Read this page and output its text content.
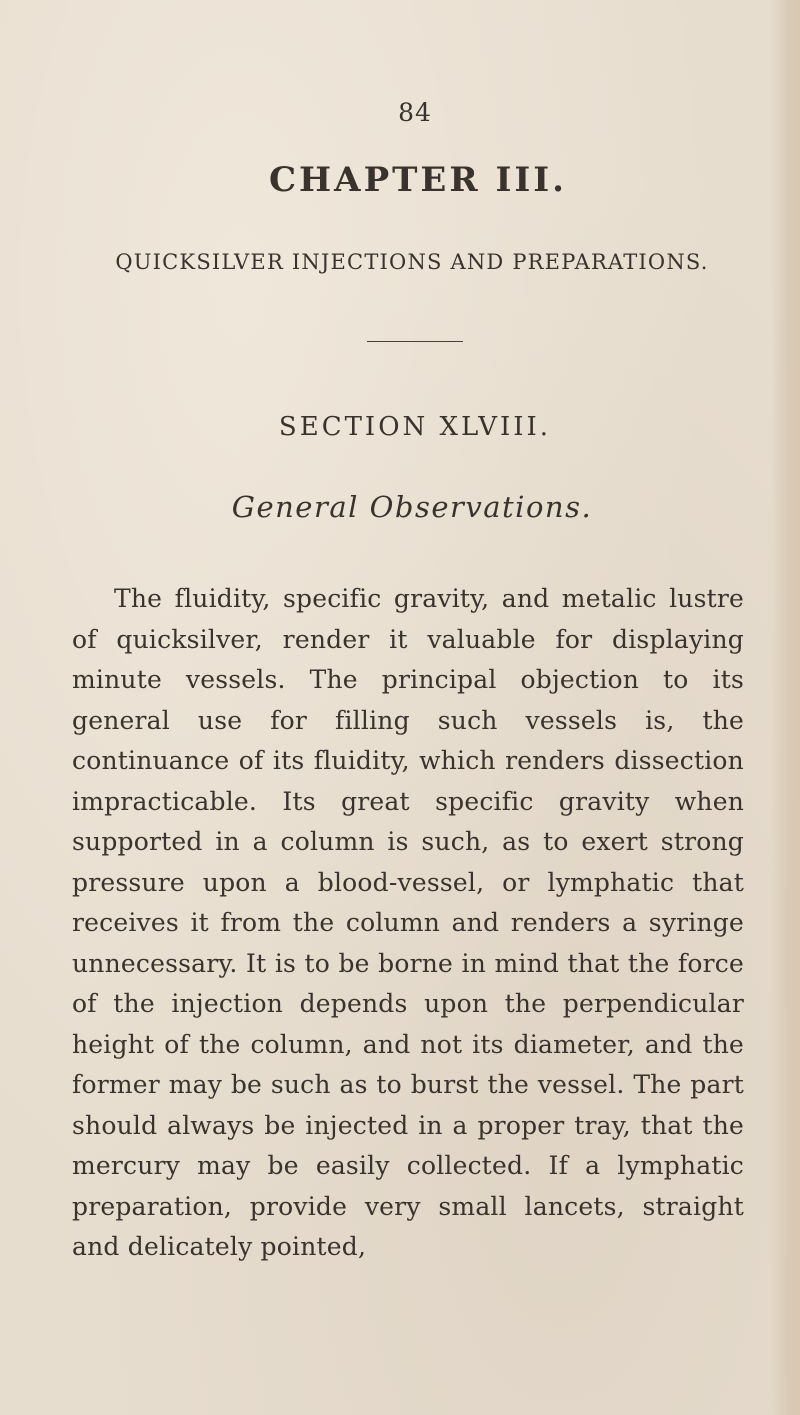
84
CHAPTER III.
QUICKSILVER INJECTIONS AND PREPARATIONS.
SECTION XLVIII.
General Observations.

The fluidity, specific gravity, and metalic lustre of quicksilver, render it valuable for displaying minute vessels. The principal objection to its general use for filling such vessels is, the continuance of its fluidity, which renders dissection impracticable. Its great specific gravity when supported in a column is such, as to exert strong pressure upon a blood-vessel, or lymphatic that receives it from the column and renders a syringe unnecessary. It is to be borne in mind that the force of the injection depends upon the perpendicular height of the column, and not its diameter, and the former may be such as to burst the vessel. The part should always be injected in a proper tray, that the mercury may be easily collected. If a lymphatic preparation, provide very small lancets, straight and delicately pointed,
